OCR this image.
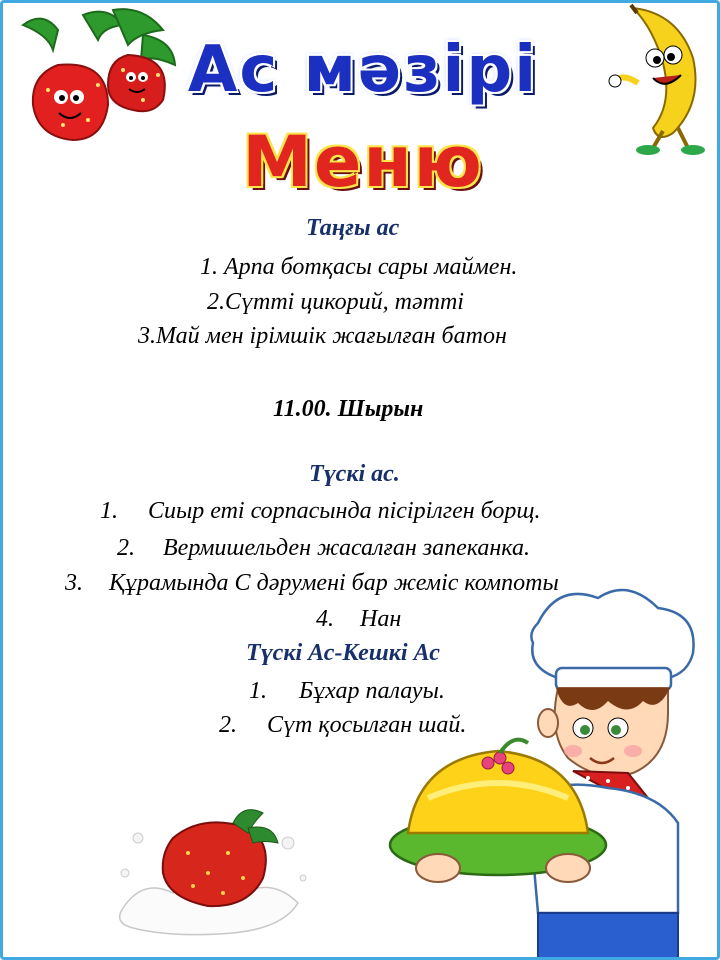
Ас мәзірі
Меню
Таңғы ас
1. Арпа ботқасы сары маймен.
2.Сүтті цикорий, тәтті
3.Май мен ірімшік жағылған батон
11.00. Шырын
Түскі ас.
1. Сиыр еті сорпасында пісірілген борщ.
2. Вермишельден жасалған запеканка.
3. Құрамында С дәрумені бар жеміс компоты
4. Нан
Түскі Ас-Кешкі Ас
1. Бұхар палауы.
2. Сүт қосылған шай.
